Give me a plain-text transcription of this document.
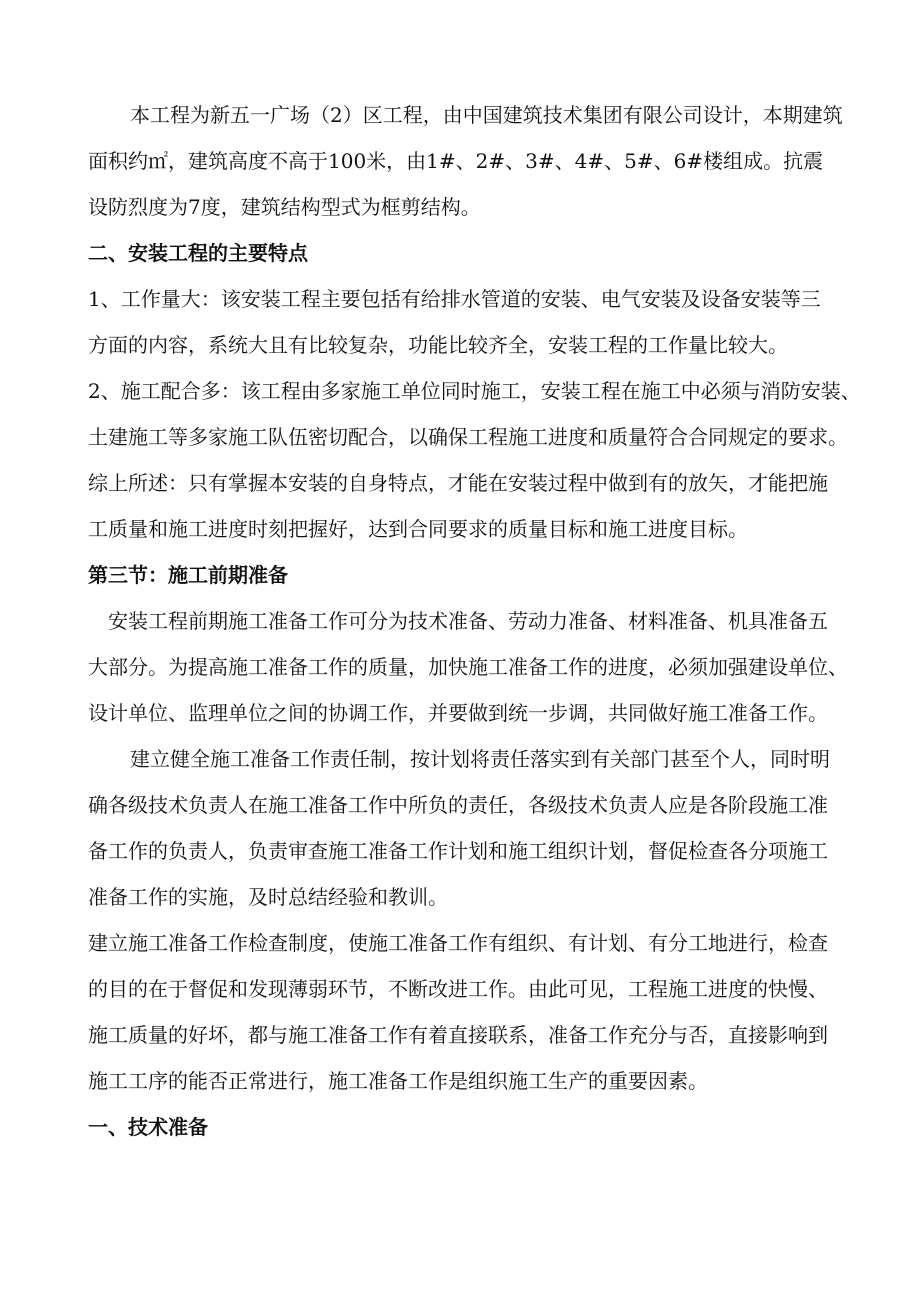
本工程为新五一广场（2）区工程，由中国建筑技术集团有限公司设计，本期建筑
面积约㎡，建筑高度不高于100米，由1#、2#、3#、4#、5#、6#楼组成。抗震
设防烈度为7度，建筑结构型式为框剪结构。
二、安装工程的主要特点
1、工作量大：该安装工程主要包括有给排水管道的安装、电气安装及设备安装等三
方面的内容，系统大且有比较复杂，功能比较齐全，安装工程的工作量比较大。
2、施工配合多：该工程由多家施工单位同时施工，安装工程在施工中必须与消防安装、
土建施工等多家施工队伍密切配合，以确保工程施工进度和质量符合合同规定的要求。
综上所述：只有掌握本安装的自身特点，才能在安装过程中做到有的放矢，才能把施
工质量和施工进度时刻把握好，达到合同要求的质量目标和施工进度目标。
第三节：施工前期准备
安装工程前期施工准备工作可分为技术准备、劳动力准备、材料准备、机具准备五
大部分。为提高施工准备工作的质量，加快施工准备工作的进度，必须加强建设单位、
设计单位、监理单位之间的协调工作，并要做到统一步调，共同做好施工准备工作。
建立健全施工准备工作责任制，按计划将责任落实到有关部门甚至个人，同时明
确各级技术负责人在施工准备工作中所负的责任，各级技术负责人应是各阶段施工准
备工作的负责人，负责审查施工准备工作计划和施工组织计划，督促检查各分项施工
准备工作的实施，及时总结经验和教训。
建立施工准备工作检查制度，使施工准备工作有组织、有计划、有分工地进行，检查
的目的在于督促和发现薄弱环节，不断改进工作。由此可见，工程施工进度的快慢、
施工质量的好坏，都与施工准备工作有着直接联系，准备工作充分与否，直接影响到
施工工序的能否正常进行，施工准备工作是组织施工生产的重要因素。
一、技术准备
